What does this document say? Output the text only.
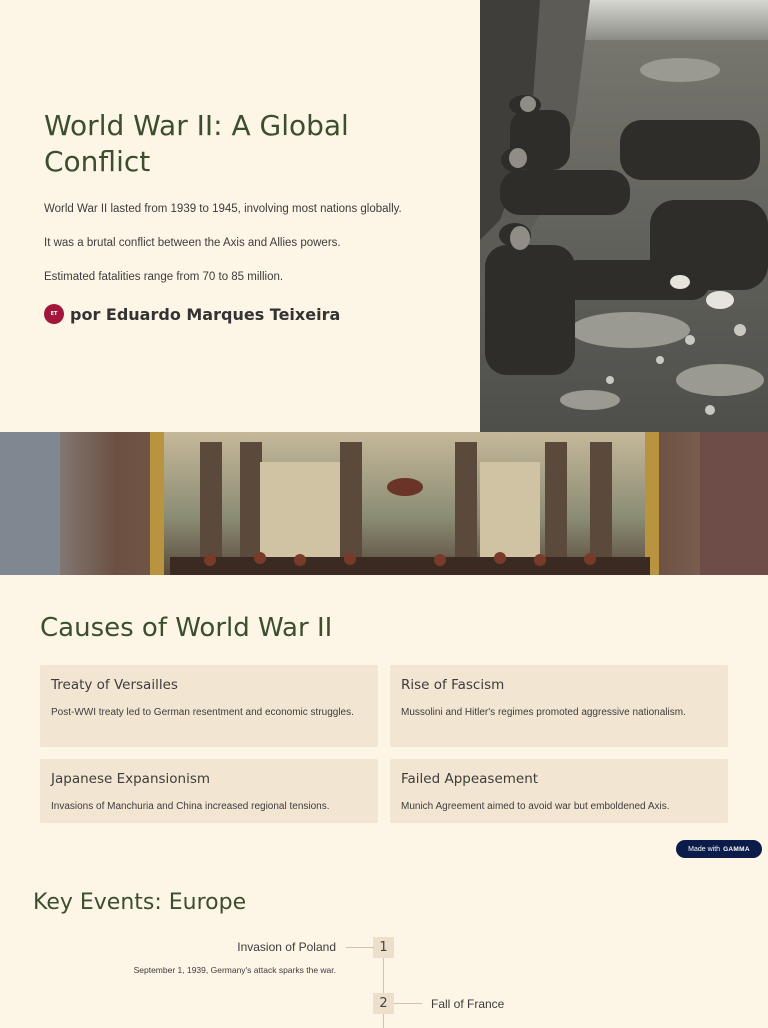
World War II: A Global Conflict

World War II lasted from 1939 to 1945, involving most nations globally.

It was a brutal conflict between the Axis and Allies powers.

Estimated fatalities range from 70 to 85 million.

ET por Eduardo Marques Teixeira
Causes of World War II

Treaty of Versailles

Post-WWI treaty led to German resentment and economic struggles.

Rise of Fascism

Mussolini and Hitler's regimes promoted aggressive nationalism.

Japanese Expansionism

Invasions of Manchuria and China increased regional tensions.

Failed Appeasement

Munich Agreement aimed to avoid war but emboldened Axis.

Made with GAMMA
Key Events: Europe
1
Invasion of Poland
September 1, 1939, Germany's attack sparks the war.
2	Fall of France
